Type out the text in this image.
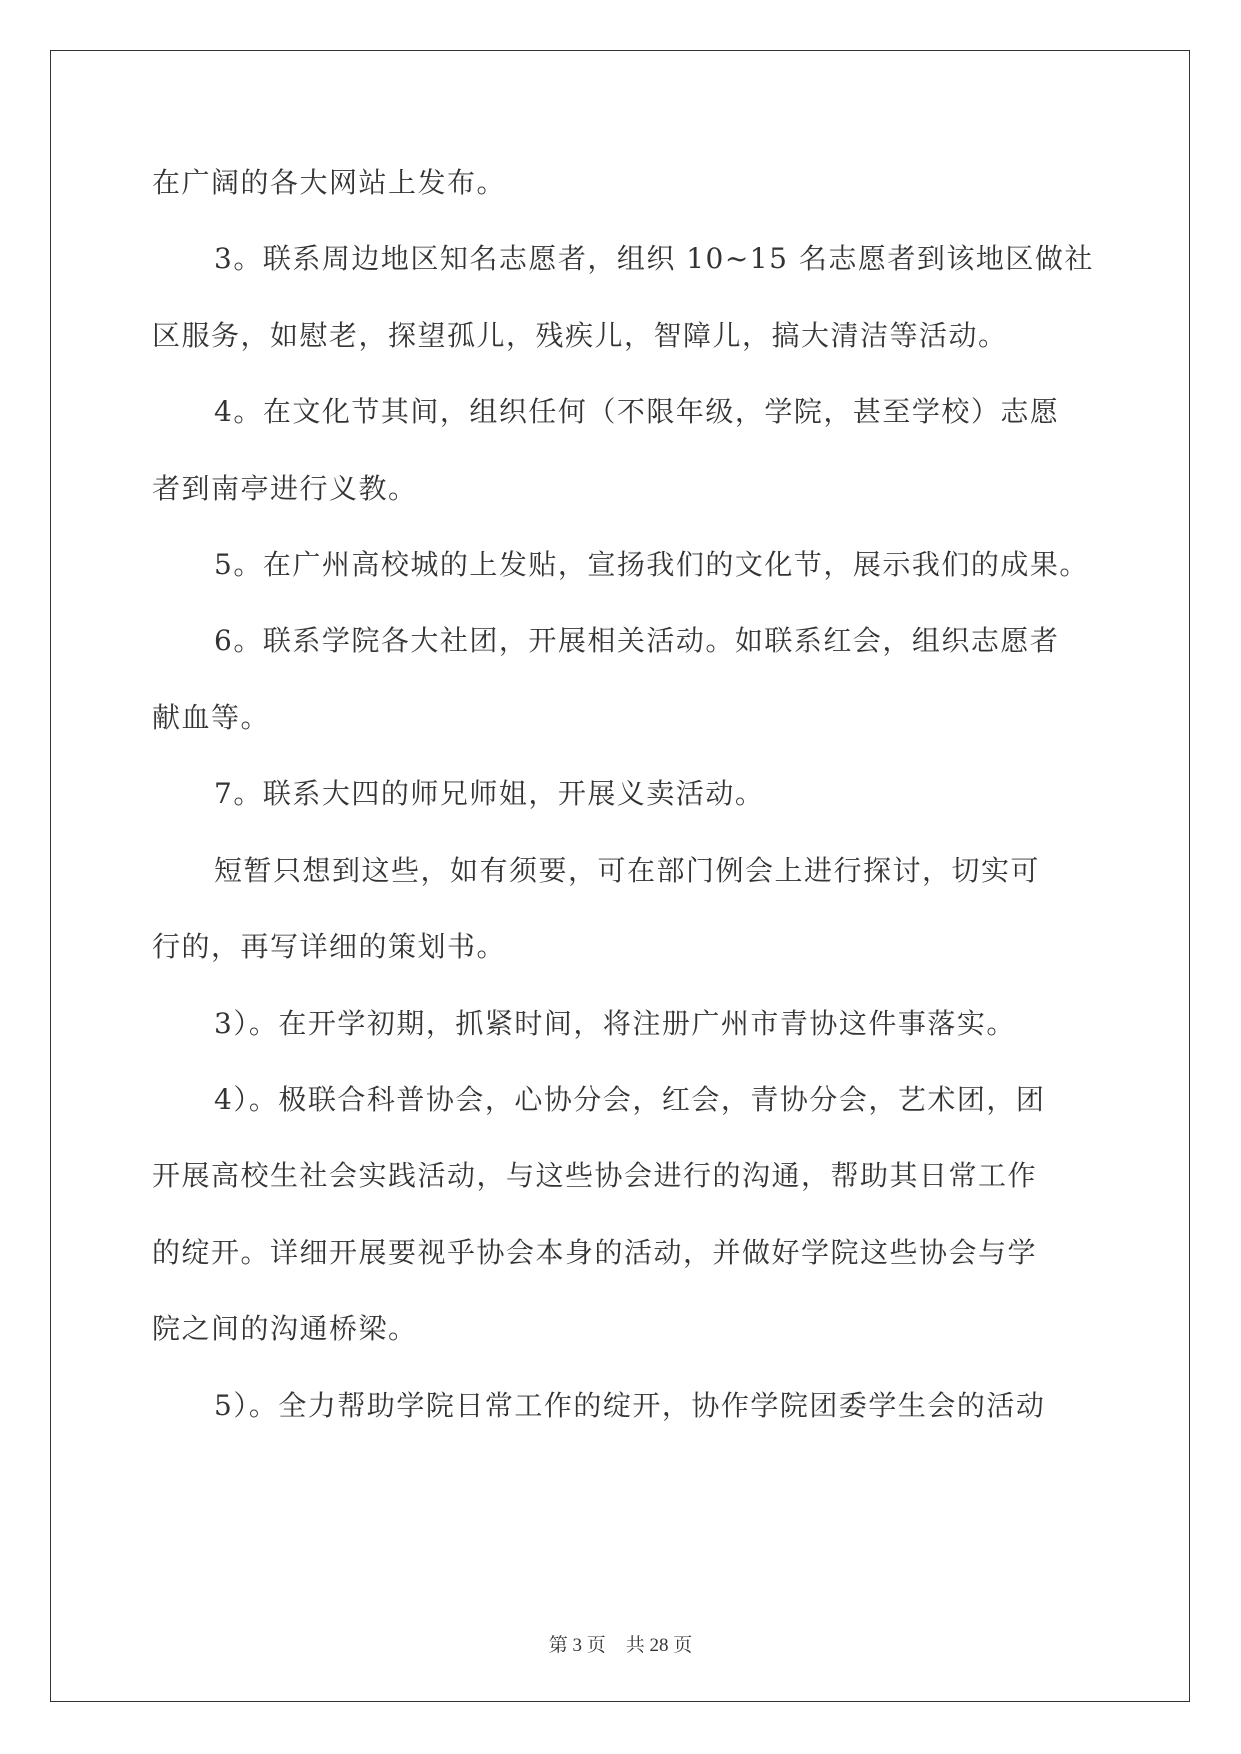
在广阔的各大网站上发布。
3。联系周边地区知名志愿者，组织 10~15 名志愿者到该地区做社
区服务，如慰老，探望孤儿，残疾儿，智障儿，搞大清洁等活动。
4。在文化节其间，组织任何（不限年级，学院，甚至学校）志愿
者到南亭进行义教。
5。在广州高校城的上发贴，宣扬我们的文化节，展示我们的成果。
6。联系学院各大社团，开展相关活动。如联系红会，组织志愿者
献血等。
7。联系大四的师兄师姐，开展义卖活动。
短暂只想到这些，如有须要，可在部门例会上进行探讨，切实可
行的，再写详细的策划书。
3）。在开学初期，抓紧时间，将注册广州市青协这件事落实。
4）。极联合科普协会，心协分会，红会，青协分会，艺术团，团
开展高校生社会实践活动，与这些协会进行的沟通，帮助其日常工作
的绽开。详细开展要视乎协会本身的活动，并做好学院这些协会与学
院之间的沟通桥梁。
5）。全力帮助学院日常工作的绽开，协作学院团委学生会的活动
第 3 页 共 28 页
